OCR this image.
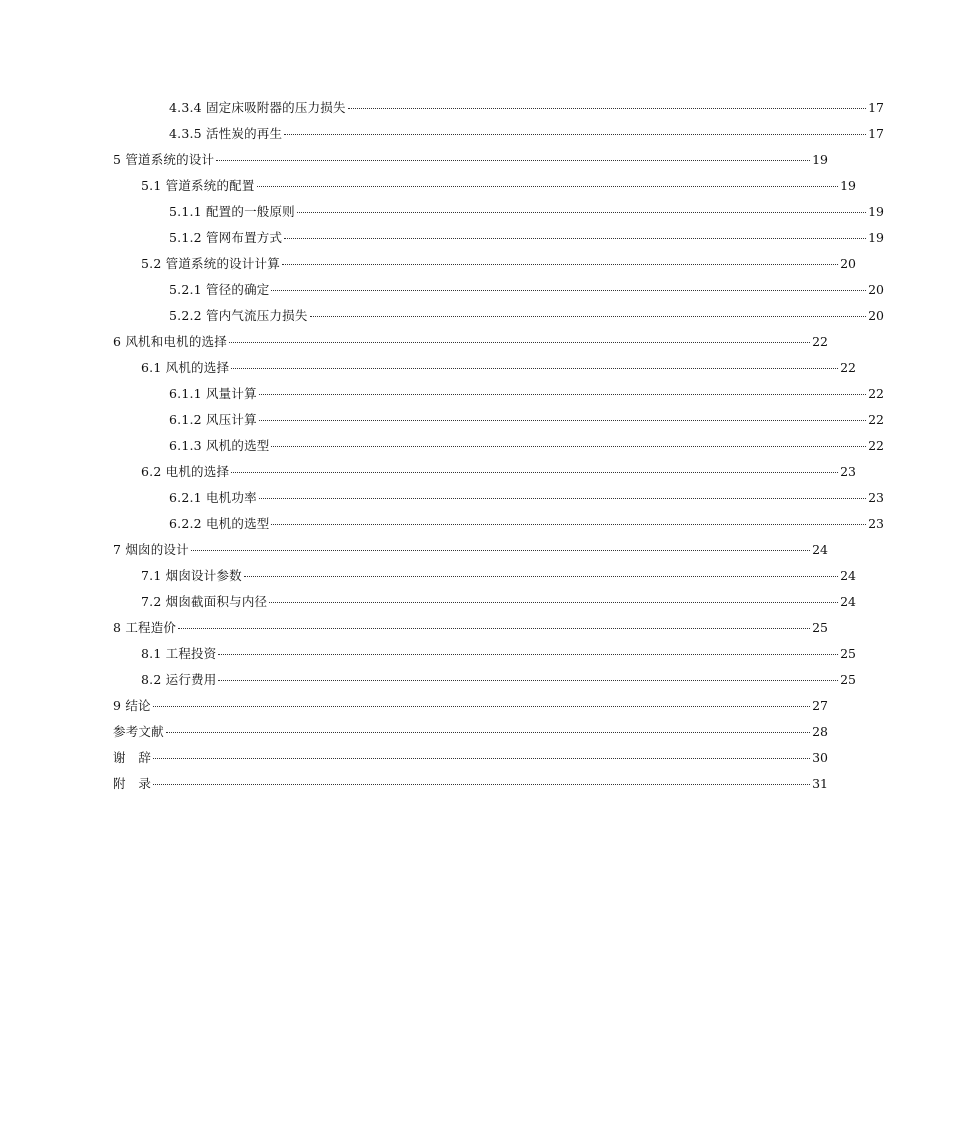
4.3.4 固定床吸附器的压力损失	17
4.3.5 活性炭的再生	17
5 管道系统的设计	19
5.1 管道系统的配置	19
5.1.1 配置的一般原则	19
5.1.2 管网布置方式	19
5.2 管道系统的设计计算	20
5.2.1 管径的确定	20
5.2.2 管内气流压力损失	20
6 风机和电机的选择	22
6.1 风机的选择	22
6.1.1 风量计算	22
6.1.2 风压计算	22
6.1.3 风机的选型	22
6.2 电机的选择	23
6.2.1 电机功率	23
6.2.2 电机的选型	23
7 烟囱的设计	24
7.1 烟囱设计参数	24
7.2 烟囱截面积与内径	24
8 工程造价	25
8.1 工程投资	25
8.2 运行费用	25
9 结论	27
参考文献	28
谢　辞	30
附　录	31
